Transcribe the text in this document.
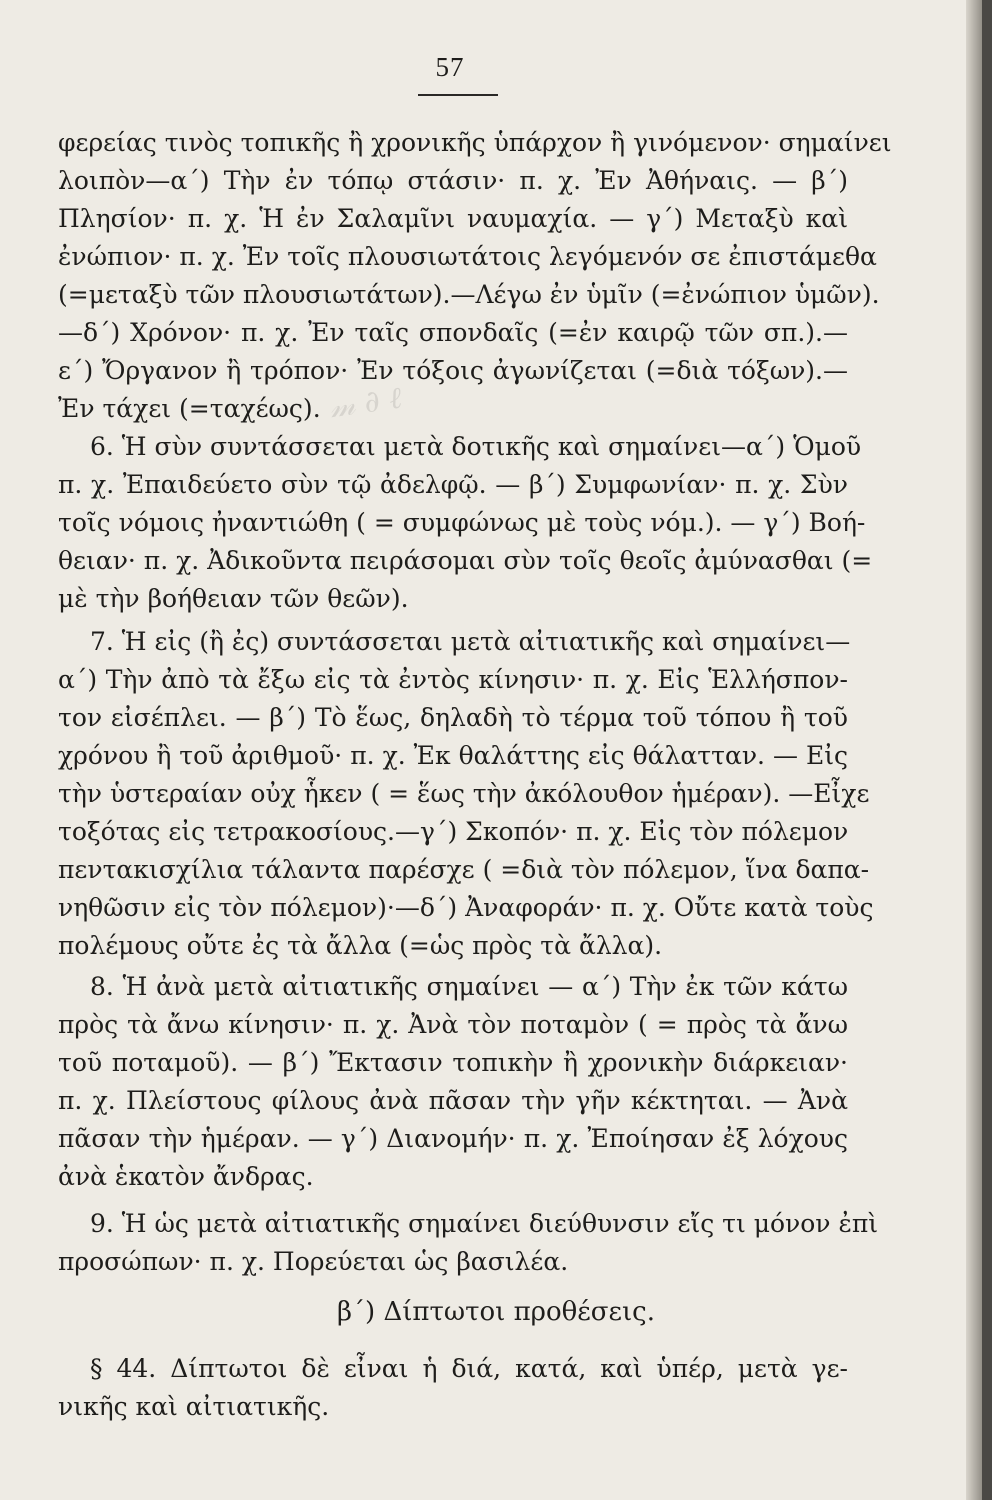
𝓂 ∂ ℓ
57
φερείας τινὸς τοπικῆς ἢ χρονικῆς ὑπάρχον ἢ γινόμενον· σημαίνει
λοιπὸν—α΄) Τὴν ἐν τόπῳ στάσιν· π. χ. Ἐν Ἀθήναις. — β΄)
Πλησίον· π. χ. Ἡ ἐν Σαλαμῖνι ναυμαχία. — γ΄) Μεταξὺ καὶ
ἐνώπιον· π. χ. Ἐν τοῖς πλουσιωτάτοις λεγόμενόν σε ἐπιστάμεθα
(=μεταξὺ τῶν πλουσιωτάτων).—Λέγω ἐν ὑμῖν (=ἐνώπιον ὑμῶν).
—δ΄) Χρόνον· π. χ. Ἐν ταῖς σπονδαῖς (=ἐν καιρῷ τῶν σπ.).—
ε΄) Ὄργανον ἢ τρόπον· Ἐν τόξοις ἀγωνίζεται (=διὰ τόξων).—
Ἐν τάχει (=ταχέως).
6. Ἡ σὺν συντάσσεται μετὰ δοτικῆς καὶ σημαίνει—α΄) Ὁμοῦ
π. χ. Ἐπαιδεύετο σὺν τῷ ἀδελφῷ. — β΄) Συμφωνίαν· π. χ. Σὺν
τοῖς νόμοις ἠναντιώθη ( = συμφώνως μὲ τοὺς νόμ.). — γ΄) Βοή-
θειαν· π. χ. Ἀδικοῦντα πειράσομαι σὺν τοῖς θεοῖς ἀμύνασθαι (=
μὲ τὴν βοήθειαν τῶν θεῶν).
7. Ἡ εἰς (ἢ ἐς) συντάσσεται μετὰ αἰτιατικῆς καὶ σημαίνει—
α΄) Τὴν ἀπὸ τὰ ἔξω εἰς τὰ ἐντὸς κίνησιν· π. χ. Εἰς Ἑλλήσπον-
τον εἰσέπλει. — β΄) Τὸ ἕως, δηλαδὴ τὸ τέρμα τοῦ τόπου ἢ τοῦ
χρόνου ἢ τοῦ ἀριθμοῦ· π. χ. Ἐκ θαλάττης εἰς θάλατταν. — Εἰς
τὴν ὑστεραίαν οὐχ ἧκεν ( = ἕως τὴν ἀκόλουθον ἡμέραν). —Εἶχε
τοξότας εἰς τετρακοσίους.—γ΄) Σκοπόν· π. χ. Εἰς τὸν πόλεμον
πεντακισχίλια τάλαντα παρέσχε ( =διὰ τὸν πόλεμον, ἵνα δαπα-
νηθῶσιν εἰς τὸν πόλεμον)·—δ΄) Ἀναφοράν· π. χ. Οὔτε κατὰ τοὺς
πολέμους οὔτε ἐς τὰ ἄλλα (=ὡς πρὸς τὰ ἄλλα).
8. Ἡ ἀνὰ μετὰ αἰτιατικῆς σημαίνει — α΄) Τὴν ἐκ τῶν κάτω
πρὸς τὰ ἄνω κίνησιν· π. χ. Ἀνὰ τὸν ποταμὸν ( = πρὸς τὰ ἄνω
τοῦ ποταμοῦ). — β΄) Ἔκτασιν τοπικὴν ἢ χρονικὴν διάρκειαν·
π. χ. Πλείστους φίλους ἀνὰ πᾶσαν τὴν γῆν κέκτηται. — Ἀνὰ
πᾶσαν τὴν ἡμέραν. — γ΄) Διανομήν· π. χ. Ἐποίησαν ἐξ λόχους
ἀνὰ ἑκατὸν ἄνδρας.
9. Ἡ ὡς μετὰ αἰτιατικῆς σημαίνει διεύθυνσιν εἴς τι μόνον ἐπὶ
προσώπων· π. χ. Πορεύεται ὡς βασιλέα.
β΄) Δίπτωτοι προθέσεις.
§ 44. Δίπτωτοι δὲ εἶναι ἡ διά, κατά, καὶ ὑπέρ, μετὰ γε-
νικῆς καὶ αἰτιατικῆς.
